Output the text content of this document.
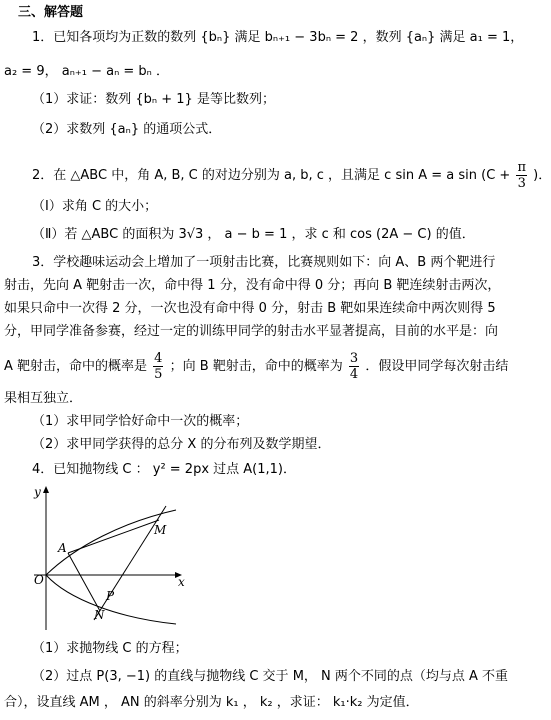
三、解答题
1．已知各项均为正数的数列 {bₙ} 满足 bₙ₊₁ − 3bₙ = 2 ，数列 {aₙ} 满足 a₁ = 1，
a₂ = 9， aₙ₊₁ − aₙ = bₙ ．
（1）求证：数列 {bₙ + 1} 是等比数列；
（2）求数列 {aₙ} 的通项公式．
2．在 △ABC 中，角 A, B, C 的对边分别为 a, b, c ，且满足 c sin A = a $\sin (C + \frac{\pi}{3}$ )．
（Ⅰ）求角 C 的大小；
（Ⅱ）若 △ABC 的面积为 3√3 ， a − b = 1 ，求 c 和 cos (2A − C) 的值．
3．学校趣味运动会上增加了一项射击比赛，比赛规则如下：向 A、B 两个靶进行
射击，先向 A 靶射击一次，命中得 1 分，没有命中得 0 分；再向 B 靶连续射击两次，
如果只命中一次得 2 分，一次也没有命中得 0 分，射击 B 靶如果连续命中两次则得 5
分，甲同学准备参赛，经过一定的训练甲同学的射击水平显著提高，目前的水平是：向
A 靶射击，命中的概率是 $\frac{4}{5}$ ；向 B 靶射击，命中的概率为 $\frac{3}{4}$ ．假设甲同学每次射击结
果相互独立．
（1）求甲同学恰好命中一次的概率；
（2）求甲同学获得的总分 X 的分布列及数学期望．
4．已知抛物线 C ： y² = 2px 过点 A(1,1)．
y
x
O
A
M
N
P
（1）求抛物线 C 的方程；
（2）过点 P(3, −1) 的直线与抛物线 C 交于 M， N 两个不同的点（均与点 A 不重
合），设直线 AM ， AN 的斜率分别为 k₁ ， k₂ ，求证： k₁·k₂ 为定值．
